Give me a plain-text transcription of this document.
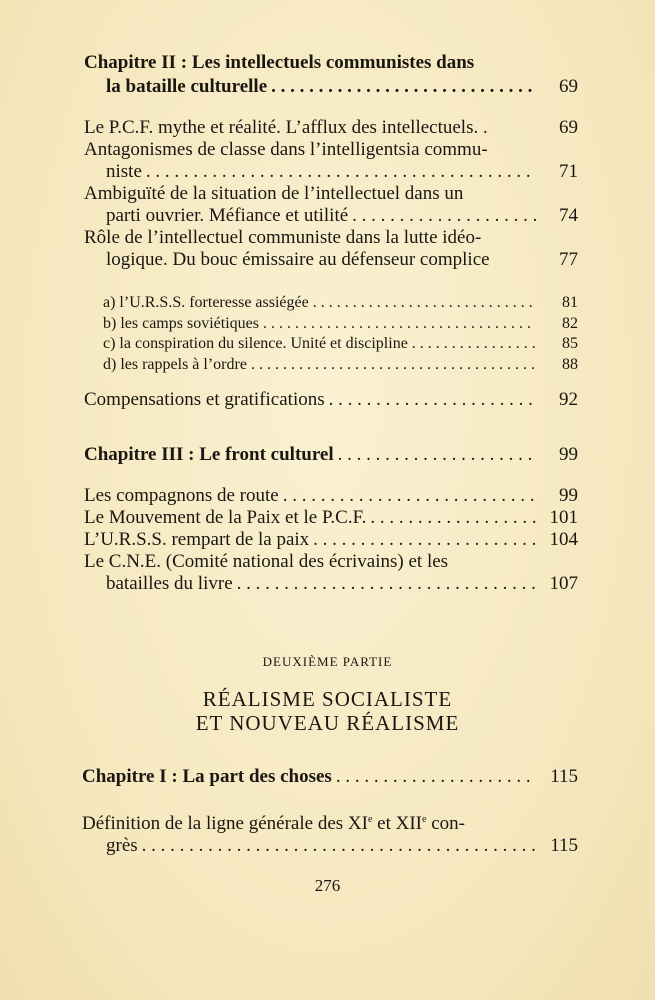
Chapitre II : Les intellectuels communistes dans
la bataille culturelle . . .	69
Le P.C.F. mythe et réalité. L’afflux des intellectuels. .	69
Antagonismes de classe dans l’intelligentsia commu-
niste . . .	71
Ambiguïté de la situation de l’intellectuel dans un
parti ouvrier. Méfiance et utilité . . .	74
Rôle de l’intellectuel communiste dans la lutte idéo-
logique. Du bouc émissaire au défenseur complice	77
a) l’U.R.S.S. forteresse assiégée . . .	81
b) les camps soviétiques . . .	82
c) la conspiration du silence. Unité et discipline . . .	85
d) les rappels à l’ordre . . .	88
Compensations et gratifications . . .	92
Chapitre III : Le front culturel . . .	99
Les compagnons de route . . .	99
Le Mouvement de la Paix et le P.C.F. . . .	101
L’U.R.S.S. rempart de la paix . . .	104
Le C.N.E. (Comité national des écrivains) et les
batailles du livre . . .	107
DEUXIÈME PARTIE
RÉALISME SOCIALISTE
ET NOUVEAU RÉALISME
Chapitre I : La part des choses . . .	115
Définition de la ligne générale des XIe et XIIe con-
grès . . .	115
276
